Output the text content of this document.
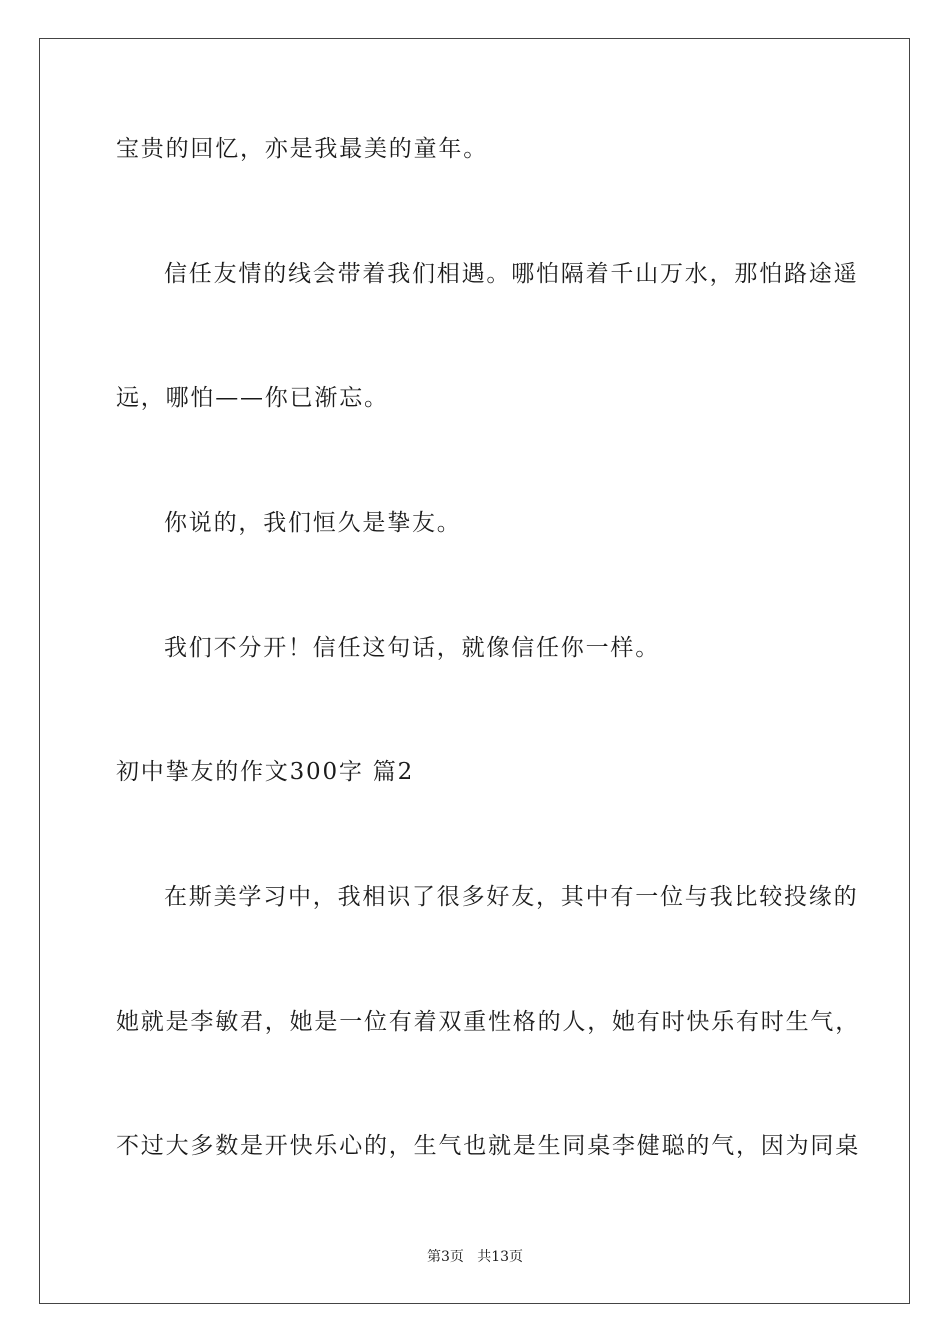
宝贵的回忆，亦是我最美的童年。
信任友情的线会带着我们相遇。哪怕隔着千山万水，那怕路途遥
远，哪怕——你已渐忘。
你说的，我们恒久是挚友。
我们不分开！信任这句话，就像信任你一样。
初中挚友的作文300字 篇2
在斯美学习中，我相识了很多好友，其中有一位与我比较投缘的
她就是李敏君，她是一位有着双重性格的人，她有时快乐有时生气，
不过大多数是开快乐心的，生气也就是生同桌李健聪的气，因为同桌
第3页   共13页
